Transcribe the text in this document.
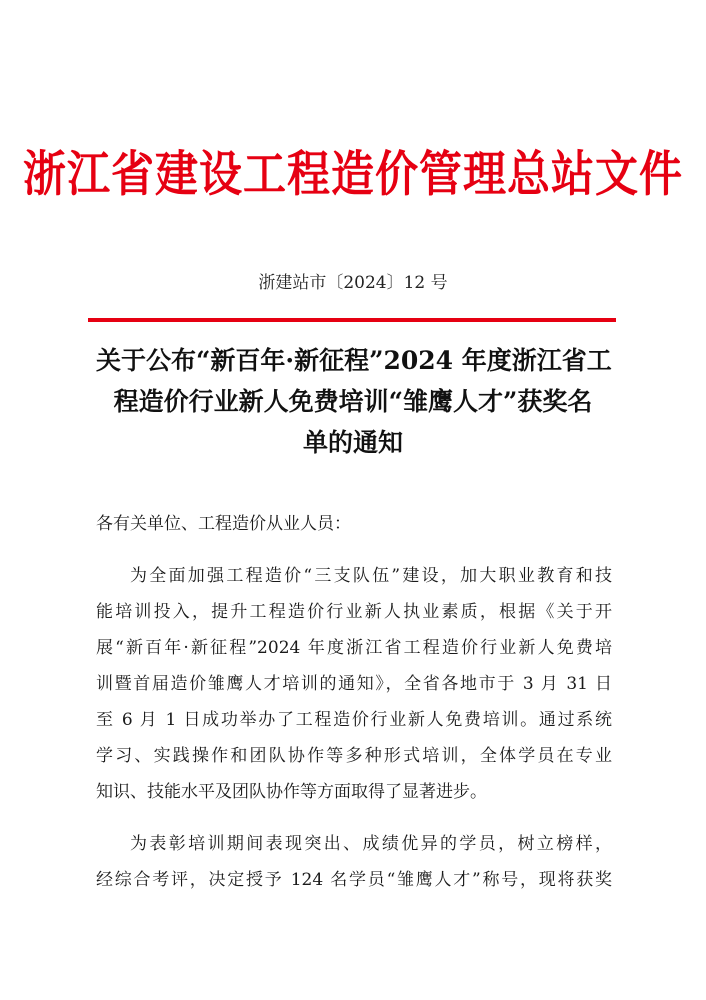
浙江省建设工程造价管理总站文件
浙建站市〔2024〕12 号
关于公布“新百年·新征程”2024 年度浙江省工
程造价行业新人免费培训“雏鹰人才”获奖名
单的通知
各有关单位、工程造价从业人员：
为全面加强工程造价“三支队伍”建设，加大职业教育和技
能培训投入，提升工程造价行业新人执业素质，根据《关于开
展“新百年·新征程”2024 年度浙江省工程造价行业新人免费培
训暨首届造价雏鹰人才培训的通知》，全省各地市于 3 月 31 日
至 6 月 1 日成功举办了工程造价行业新人免费培训。通过系统
学习、实践操作和团队协作等多种形式培训，全体学员在专业
知识、技能水平及团队协作等方面取得了显著进步。
为表彰培训期间表现突出、成绩优异的学员，树立榜样，
经综合考评，决定授予 124 名学员“雏鹰人才”称号，现将获奖
